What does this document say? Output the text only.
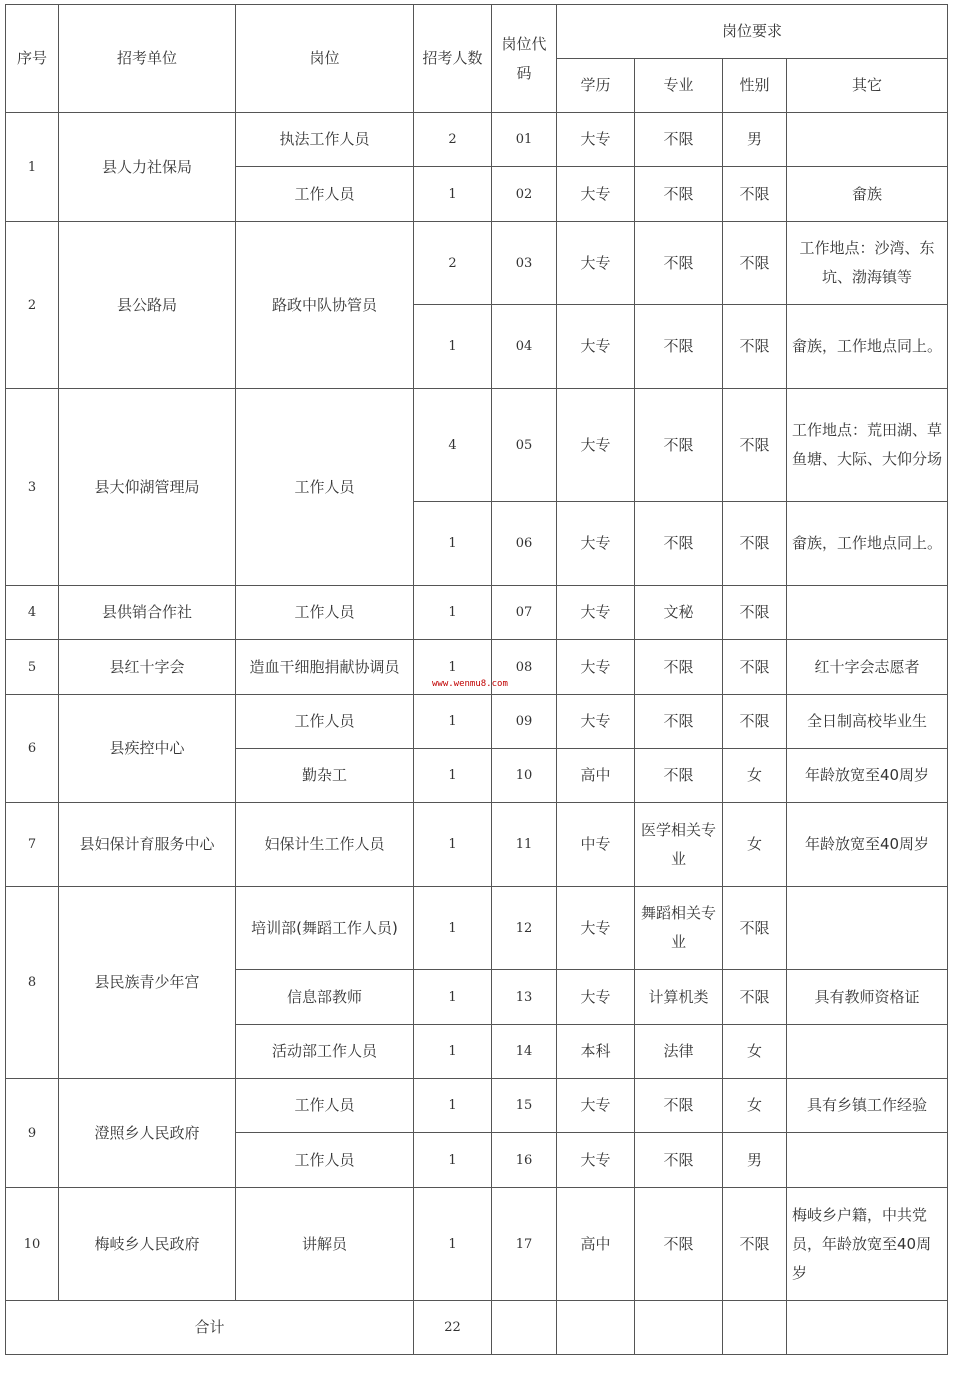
序号	招考单位	岗位	招考人数	岗位代码	岗位要求			
					学历	专业	性别	其它
1	县人力社保局	执法工作人员	2	01	大专	不限	男	
		工作人员	1	02	大专	不限	不限	畲族
2	县公路局	路政中队协管员	2	03	大专	不限	不限	工作地点：沙湾、东坑、渤海镇等
			1	04	大专	不限	不限	畲族，工作地点同上。
3	县大仰湖管理局	工作人员	4	05	大专	不限	不限	工作地点：荒田湖、草鱼塘、大际、大仰分场
			1	06	大专	不限	不限	畲族，工作地点同上。
4	县供销合作社	工作人员	1	07	大专	文秘	不限	
5	县红十字会	造血干细胞捐献协调员	1	08	大专	不限	不限	红十字会志愿者
6	县疾控中心	工作人员	1	09	大专	不限	不限	全日制高校毕业生
		勤杂工	1	10	高中	不限	女	年龄放宽至40周岁
7	县妇保计育服务中心	妇保计生工作人员	1	11	中专	医学相关专业	女	年龄放宽至40周岁
8	县民族青少年宫	培训部(舞蹈工作人员)	1	12	大专	舞蹈相关专业	不限	
		信息部教师	1	13	大专	计算机类	不限	具有教师资格证
		活动部工作人员	1	14	本科	法律	女	
9	澄照乡人民政府	工作人员	1	15	大专	不限	女	具有乡镇工作经验
		工作人员	1	16	大专	不限	男	
10	梅岐乡人民政府	讲解员	1	17	高中	不限	不限	梅岐乡户籍，中共党员，年龄放宽至40周岁
合计			22					
www.wenmu8.com
